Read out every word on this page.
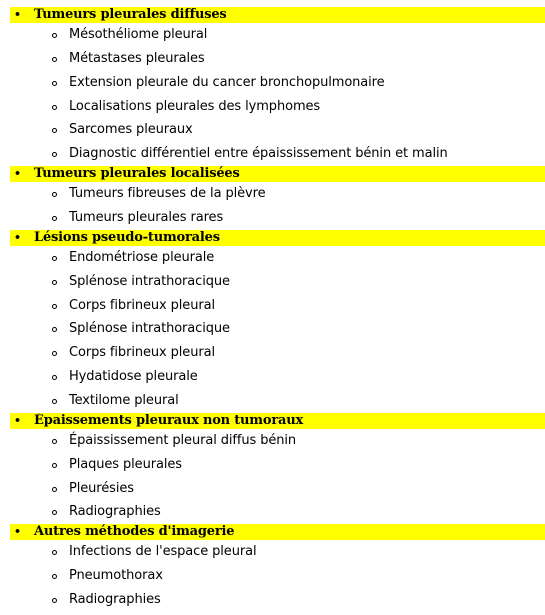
• Tumeurs pleurales diffuses
Mésothéliome pleural
Métastases pleurales
Extension pleurale du cancer bronchopulmonaire
Localisations pleurales des lymphomes
Sarcomes pleuraux
Diagnostic différentiel entre épaississement bénin et malin
• Tumeurs pleurales localisées
Tumeurs fibreuses de la plèvre
Tumeurs pleurales rares
• Lésions pseudo-tumorales
Endométriose pleurale
Splénose intrathoracique
Corps fibrineux pleural
Splénose intrathoracique
Corps fibrineux pleural
Hydatidose pleurale
Textilome pleural
• Épaissements pleuraux non tumoraux
Épaississement pleural diffus bénin
Plaques pleurales
Pleurésies
Radiographies
• Autres méthodes d'imagerie
Infections de l'espace pleural
Pneumothorax
Radiographies
